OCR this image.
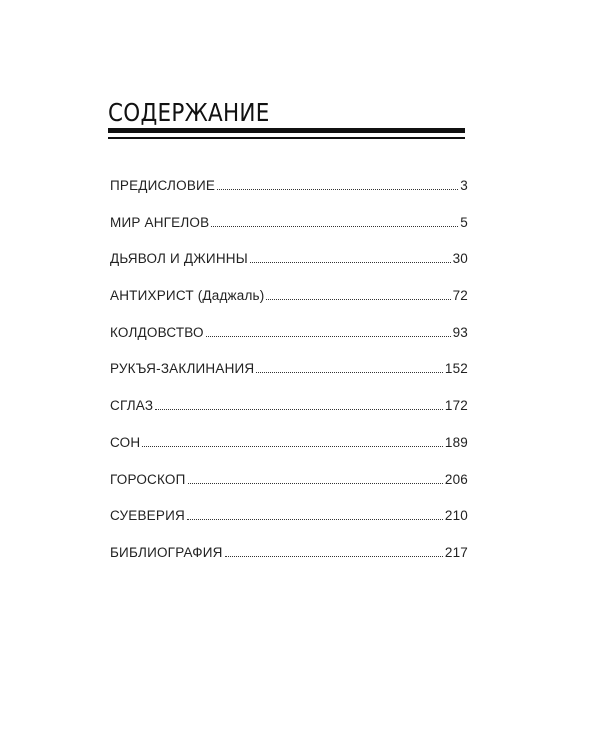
СОДЕРЖАНИЕ
ПРЕДИСЛОВИЕ	3
МИР АНГЕЛОВ	5
ДЬЯВОЛ И ДЖИННЫ	30
АНТИХРИСТ (Даджаль)	72
КОЛДОВСТВО	93
РУКЪЯ-ЗАКЛИНАНИЯ	152
СГЛАЗ	172
СОН	189
ГОРОСКОП	206
СУЕВЕРИЯ	210
БИБЛИОГРАФИЯ	217
